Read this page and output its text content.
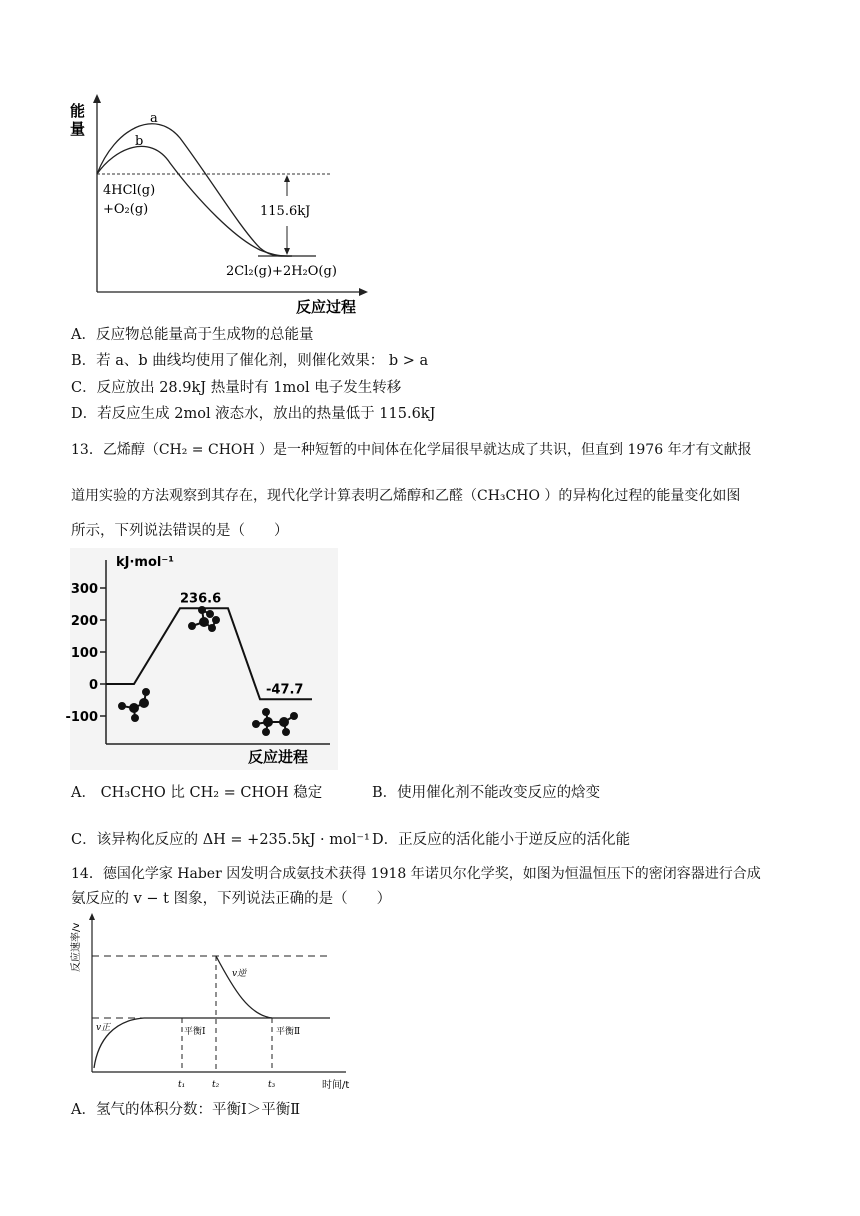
能
量
反应过程
a
b
115.6kJ
4HCl(g)
+O₂(g)
2Cl₂(g)+2H₂O(g)
A．反应物总能量高于生成物的总能量
B．若 a、b 曲线均使用了催化剂，则催化效果： b > a
C．反应放出 28.9kJ 热量时有 1mol 电子发生转移
D．若反应生成 2mol 液态水，放出的热量低于 115.6kJ
13．乙烯醇（CH₂ = CHOH ）是一种短暂的中间体在化学届很早就达成了共识，但直到 1976 年才有文献报
道用实验的方法观察到其存在，现代化学计算表明乙烯醇和乙醛（CH₃CHO ）的异构化过程的能量变化如图
所示，下列说法错误的是（　　）
kJ·mol⁻¹
300
200
100
0
-100
236.6
-47.7
反应进程
A． CH₃CHO 比 CH₂ = CHOH 稳定	B．使用催化剂不能改变反应的焓变
C．该异构化反应的 ΔH = +235.5kJ · mol⁻¹ D．正反应的活化能小于逆反应的活化能
14．德国化学家 Haber 因发明合成氨技术获得 1918 年诺贝尔化学奖，如图为恒温恒压下的密闭容器进行合成
氨反应的 v − t 图象，下列说法正确的是（　　）
反应速率/v
时间/t
v逆
v正	平衡Ⅰ	平衡Ⅱ
t₁	t₂	t₃
A．氢气的体积分数：平衡Ⅰ＞平衡Ⅱ
